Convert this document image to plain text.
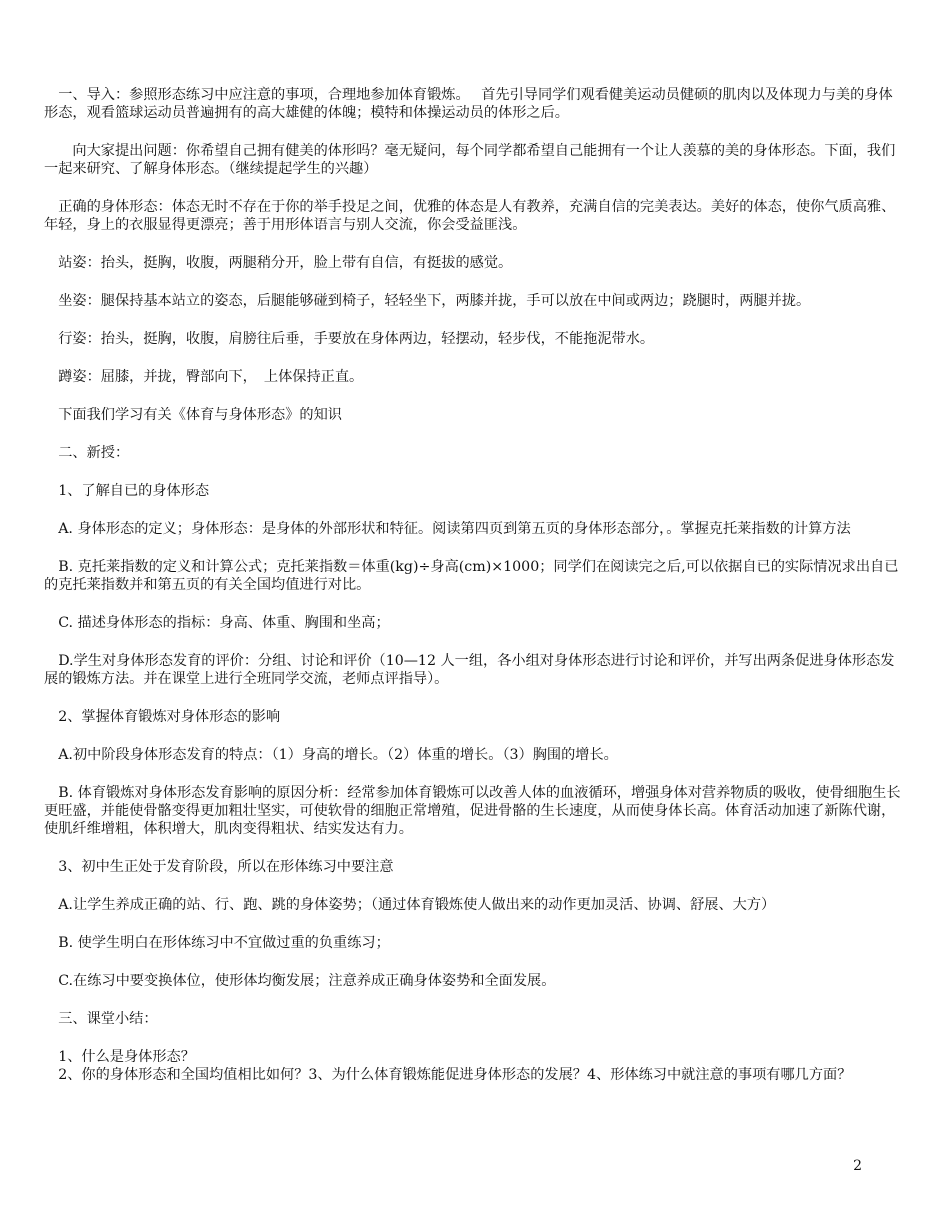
　一、导入：参照形态练习中应注意的事项，合理地参加体育锻炼。　 首先引导同学们观看健美运动员健硕的肌肉以及体现力与美的身体形态，观看篮球运动员普遍拥有的高大雄健的体魄；模特和体操运动员的体形之后。

　　向大家提出问题：你希望自己拥有健美的体形吗？毫无疑问，每个同学都希望自己能拥有一个让人羡慕的美的身体形态。下面，我们一起来研究、了解身体形态。（继续提起学生的兴趣）

　正确的身体形态：体态无时不存在于你的举手投足之间，优雅的体态是人有教养，充满自信的完美表达。美好的体态，使你气质高雅、年轻，身上的衣服显得更漂亮；善于用形体语言与别人交流，你会受益匪浅。

　站姿：抬头，挺胸，收腹，两腿稍分开，脸上带有自信，有挺拔的感觉。

　坐姿：腿保持基本站立的姿态，后腿能够碰到椅子，轻轻坐下，两膝并拢，手可以放在中间或两边；跷腿时，两腿并拢。

　行姿：抬头，挺胸，收腹，肩膀往后垂，手要放在身体两边，轻摆动，轻步伐，不能拖泥带水。

　蹲姿：屈膝，并拢，臀部向下，　上体保持正直。

　下面我们学习有关《体育与身体形态》的知识

　二、新授：

　1、了解自已的身体形态

　A. 身体形态的定义；身体形态：是身体的外部形状和特征。阅读第四页到第五页的身体形态部分，。掌握克托莱指数的计算方法

　B. 克托莱指数的定义和计算公式；克托莱指数＝体重(kg)÷身高(cm)×1000；同学们在阅读完之后,可以依据自已的实际情况求出自已的克托莱指数并和第五页的有关全国均值进行对比。

　C. 描述身体形态的指标：身高、体重、胸围和坐高；

　D.学生对身体形态发育的评价：分组、讨论和评价（10—12 人一组，各小组对身体形态进行讨论和评价，并写出两条促进身体形态发展的锻炼方法。并在课堂上进行全班同学交流，老师点评指导）。

　2、掌握体育锻炼对身体形态的影响

　A.初中阶段身体形态发育的特点：（1）身高的增长。（2）体重的增长。（3）胸围的增长。

　B. 体育锻炼对身体形态发育影响的原因分析：经常参加体育锻炼可以改善人体的血液循环，增强身体对营养物质的吸收，使骨细胞生长更旺盛，并能使骨骼变得更加粗壮坚实，可使软骨的细胞正常增殖，促进骨骼的生长速度，从而使身体长高。体育活动加速了新陈代谢，使肌纤维增粗，体积增大，肌肉变得粗状、结实发达有力。

　3、初中生正处于发育阶段，所以在形体练习中要注意

　A.让学生养成正确的站、行、跑、跳的身体姿势；（通过体育锻炼使人做出来的动作更加灵活、协调、舒展、大方）

　B. 使学生明白在形体练习中不宜做过重的负重练习；

　C.在练习中要变换体位，使形体均衡发展；注意养成正确身体姿势和全面发展。

　三、课堂小结：

　1、什么是身体形态？

　2、你的身体形态和全国均值相比如何？3、为什么体育锻炼能促进身体形态的发展？4、形体练习中就注意的事项有哪几方面？

2
